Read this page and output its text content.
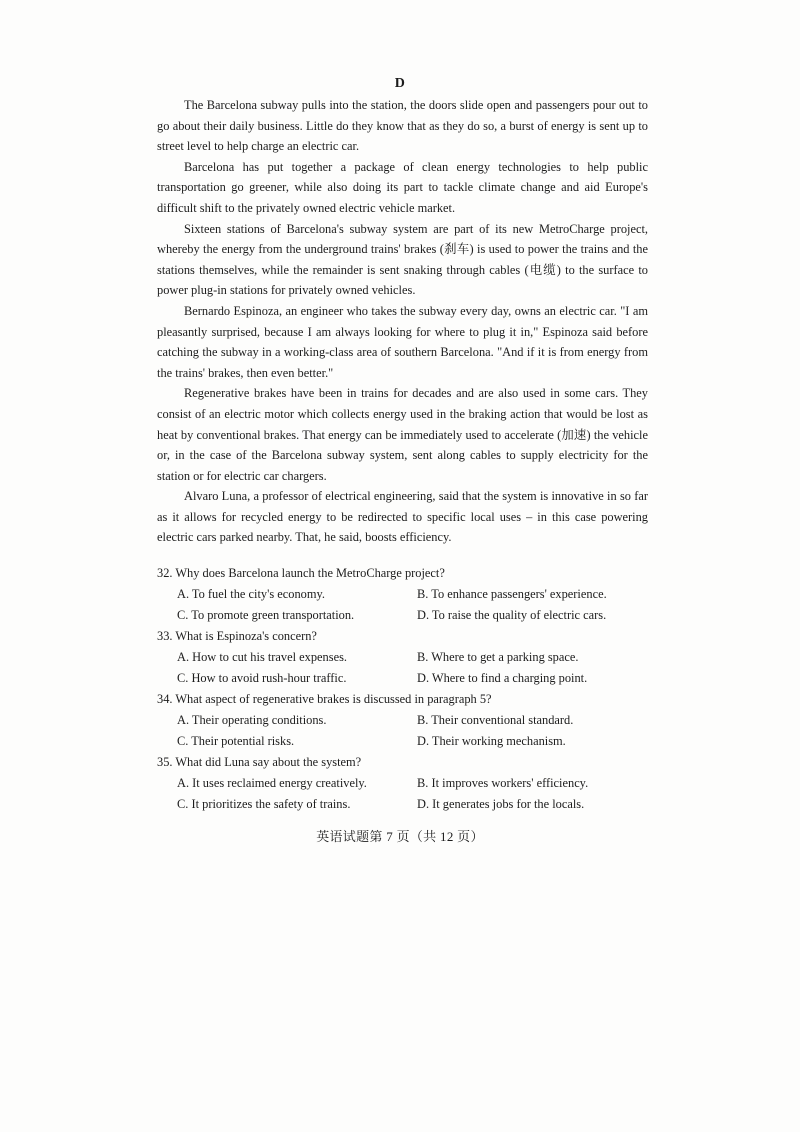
D

The Barcelona subway pulls into the station, the doors slide open and passengers pour out to go about their daily business. Little do they know that as they do so, a burst of energy is sent up to street level to help charge an electric car.

Barcelona has put together a package of clean energy technologies to help public transportation go greener, while also doing its part to tackle climate change and aid Europe's difficult shift to the privately owned electric vehicle market.

Sixteen stations of Barcelona's subway system are part of its new MetroCharge project, whereby the energy from the underground trains' brakes (刹车) is used to power the trains and the stations themselves, while the remainder is sent snaking through cables (电缆) to the surface to power plug-in stations for privately owned vehicles.

Bernardo Espinoza, an engineer who takes the subway every day, owns an electric car. "I am pleasantly surprised, because I am always looking for where to plug it in," Espinoza said before catching the subway in a working-class area of southern Barcelona. "And if it is from energy from the trains' brakes, then even better."

Regenerative brakes have been in trains for decades and are also used in some cars. They consist of an electric motor which collects energy used in the braking action that would be lost as heat by conventional brakes. That energy can be immediately used to accelerate (加速) the vehicle or, in the case of the Barcelona subway system, sent along cables to supply electricity for the station or for electric car chargers.

Alvaro Luna, a professor of electrical engineering, said that the system is innovative in so far as it allows for recycled energy to be redirected to specific local uses – in this case powering electric cars parked nearby. That, he said, boosts efficiency.

32. Why does Barcelona launch the MetroCharge project?
A. To fuel the city's economy.	B. To enhance passengers' experience.
C. To promote green transportation.	D. To raise the quality of electric cars.
33. What is Espinoza's concern?
A. How to cut his travel expenses.	B. Where to get a parking space.
C. How to avoid rush-hour traffic.	D. Where to find a charging point.
34. What aspect of regenerative brakes is discussed in paragraph 5?
A. Their operating conditions.	B. Their conventional standard.
C. Their potential risks.	D. Their working mechanism.
35. What did Luna say about the system?
A. It uses reclaimed energy creatively.	B. It improves workers' efficiency.
C. It prioritizes the safety of trains.	D. It generates jobs for the locals.
英语试题第 7 页（共 12 页）
